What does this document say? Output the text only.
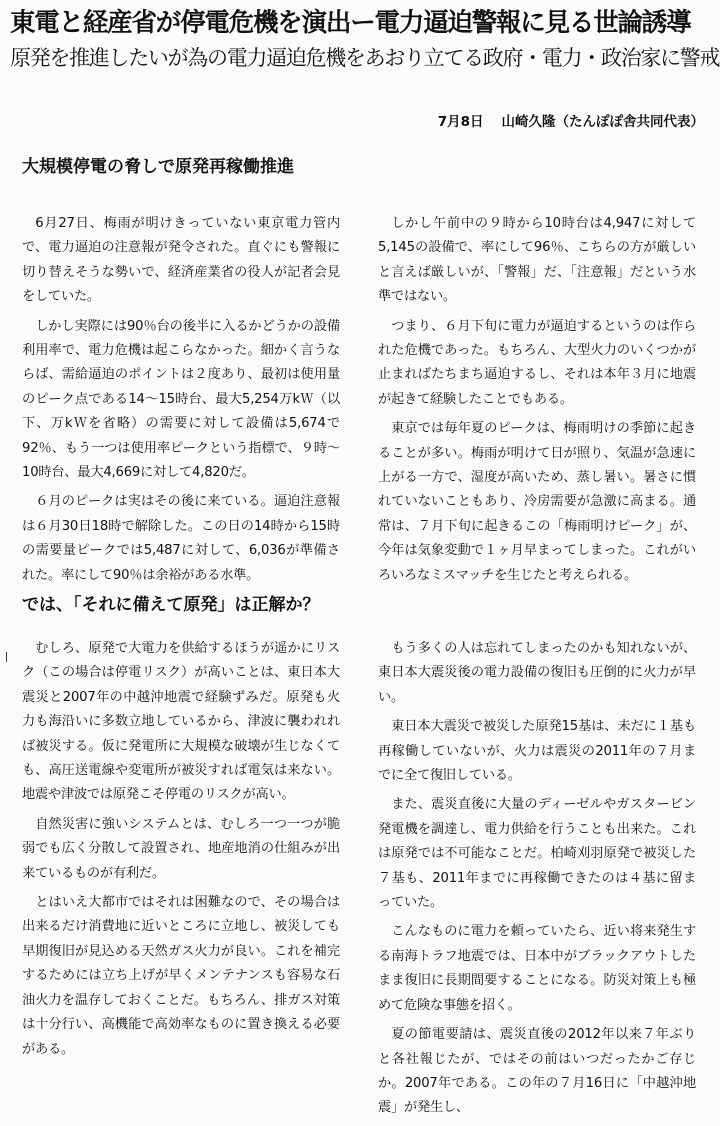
東電と経産省が停電危機を演出ー電力逼迫警報に見る世論誘導
原発を推進したいが為の電力逼迫危機をあおり立てる政府・電力・政治家に警戒
7月8日 山崎久隆（たんぽぽ舎共同代表）
大規模停電の脅しで原発再稼働推進

6月27日、梅雨が明けきっていない東京電力管内で、電力逼迫の注意報が発令された。直ぐにも警報に切り替えそうな勢いで、経済産業省の役人が記者会見をしていた。

しかし実際には90％台の後半に入るかどうかの設備利用率で、電力危機は起こらなかった。細かく言うならば、需給逼迫のポイントは２度あり、最初は使用量のピーク点である14～15時台、最大5,254万kＷ（以下、万kＷを省略）の需要に対して設備は5,674で92％、もう一つは使用率ピークという指標で、９時～10時台、最大4,669に対して4,820だ。

６月のピークは実はその後に来ている。逼迫注意報は６月30日18時で解除した。この日の14時から15時の需要量ピークでは5,487に対して、6,036が準備された。率にして90％は余裕がある水準。

しかし午前中の９時から10時台は4,947に対して5,145の設備で、率にして96％、こちらの方が厳しいと言えば厳しいが、「警報」だ、「注意報」だという水準ではない。

つまり、６月下旬に電力が逼迫するというのは作られた危機であった。もちろん、大型火力のいくつかが止まればたちまち逼迫するし、それは本年３月に地震が起きて経験したことでもある。

東京では毎年夏のピークは、梅雨明けの季節に起きることが多い。梅雨が明けて日が照り、気温が急速に上がる一方で、湿度が高いため、蒸し暑い。暑さに慣れていないこともあり、冷房需要が急激に高まる。通常は、７月下旬に起きるこの「梅雨明けピーク」が、今年は気象変動で１ヶ月早まってしまった。これがいろいろなミスマッチを生じたと考えられる。

では、「それに備えて原発」は正解か？

むしろ、原発で大電力を供給するほうが遥かにリスク（この場合は停電リスク）が高いことは、東日本大震災と2007年の中越沖地震で経験ずみだ。原発も火力も海沿いに多数立地しているから、津波に襲われれば被災する。仮に発電所に大規模な破壊が生じなくても、高圧送電線や変電所が被災すれば電気は来ない。地震や津波では原発こそ停電のリスクが高い。

自然災害に強いシステムとは、むしろ一つ一つが脆弱でも広く分散して設置され、地産地消の仕組みが出来ているものが有利だ。

とはいえ大都市ではそれは困難なので、その場合は出来るだけ消費地に近いところに立地し、被災しても早期復旧が見込める天然ガス火力が良い。これを補完するためには立ち上げが早くメンテナンスも容易な石油火力を温存しておくことだ。もちろん、排ガス対策は十分行い、高機能で高効率なものに置き換える必要がある。

もう多くの人は忘れてしまったのかも知れないが、東日本大震災後の電力設備の復旧も圧倒的に火力が早い。

東日本大震災で被災した原発15基は、未だに１基も再稼働していないが、火力は震災の2011年の７月までに全て復旧している。

また、震災直後に大量のディーゼルやガスタービン発電機を調達し、電力供給を行うことも出来た。これは原発では不可能なことだ。柏崎刈羽原発で被災した７基も、2011年までに再稼働できたのは４基に留まっていた。

こんなものに電力を頼っていたら、近い将来発生する南海トラフ地震では、日本中がブラックアウトしたまま復旧に長期間要することになる。防災対策上も極めて危険な事態を招く。

夏の節電要請は、震災直後の2012年以来７年ぶりと各社報じたが、ではその前はいつだったかご存じか。2007年である。この年の７月16日に「中越沖地震」が発生し、
